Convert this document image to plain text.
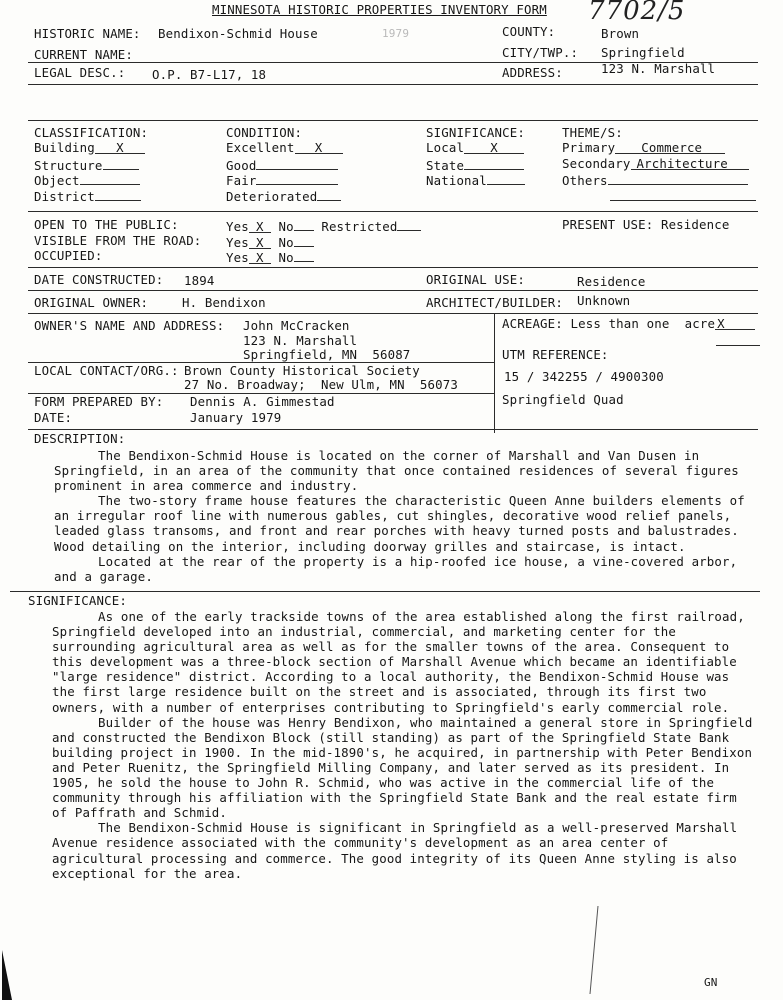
MINNESOTA HISTORIC PROPERTIES INVENTORY FORM 7702/5
1979
HISTORIC NAME: Bendixon-Schmid House	COUNTY:	Brown
CURRENT NAME:	CITY/TWP.: Springfield
LEGAL DESC.: O.P. B7-L17, 18	ADDRESS:	123 N. Marshall
CLASSIFICATION:
Building X
Structure
Object
District
CONDITION:
Excellent X
Good
Fair
Deteriorated
SIGNIFICANCE:
Local X
State
National
THEME/S:
Primary Commerce
Secondary Architecture
Others
OPEN TO THE PUBLIC:	Yes X No Restricted	PRESENT USE: Residence
VISIBLE FROM THE ROAD: Yes X No
OCCUPIED:	Yes X No
DATE CONSTRUCTED: 1894	ORIGINAL USE:	Residence
ORIGINAL OWNER:	H. Bendixon	ARCHITECT/BUILDER: Unknown
OWNER'S NAME AND ADDRESS: John McCracken
123 N. Marshall
Springfield, MN  56087
ACREAGE: Less than one  acre X
UTM REFERENCE:
15 / 342255 / 4900300
Springfield Quad
LOCAL CONTACT/ORG.: Brown County Historical Society
27 No. Broadway;  New Ulm, MN  56073
FORM PREPARED BY: Dennis A. Gimmestad
DATE:	January 1979
DESCRIPTION:

The Bendixon-Schmid House is located on the corner of Marshall and Van Dusen in Springfield, in an area of the community that once contained residences of several figures prominent in area commerce and industry.

The two-story frame house features the characteristic Queen Anne builders elements of an irregular roof line with numerous gables, cut shingles, decorative wood relief panels, leaded glass transoms, and front and rear porches with heavy turned posts and balustrades. Wood detailing on the interior, including doorway grilles and staircase, is intact.

Located at the rear of the property is a hip-roofed ice house, a vine-covered arbor, and a garage.

SIGNIFICANCE:

As one of the early trackside towns of the area established along the first railroad, Springfield developed into an industrial, commercial, and marketing center for the surrounding agricultural area as well as for the smaller towns of the area. Consequent to this development was a three-block section of Marshall Avenue which became an identifiable "large residence" district. According to a local authority, the Bendixon-Schmid House was the first large residence built on the street and is associated, through its first two owners, with a number of enterprises contributing to Springfield's early commercial role.

Builder of the house was Henry Bendixon, who maintained a general store in Springfield and constructed the Bendixon Block (still standing) as part of the Springfield State Bank building project in 1900. In the mid-1890's, he acquired, in partnership with Peter Bendixon and Peter Ruenitz, the Springfield Milling Company, and later served as its president. In 1905, he sold the house to John R. Schmid, who was active in the commercial life of the community through his affiliation with the Springfield State Bank and the real estate firm of Paffrath and Schmid.

The Bendixon-Schmid House is significant in Springfield as a well-preserved Marshall Avenue residence associated with the community's development as an area center of agricultural processing and commerce. The good integrity of its Queen Anne styling is also exceptional for the area.

GN
